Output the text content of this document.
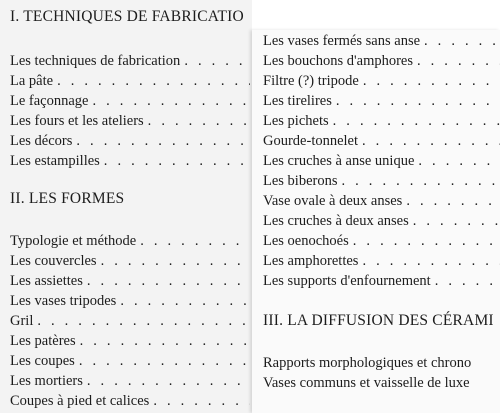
I. TECHNIQUES DE FABRICATIO
Les techniques de fabrication
. . .
La pâte
. . .
Le façonnage
. . .
Les fours et les ateliers
. . .
Les décors
. . .
Les estampilles
. . .
II. LES FORMES
Typologie et méthode
. . .
Les couvercles
. . .
Les assiettes
. . .
Les vases tripodes
. . .
Gril
. . .
Les patères
. . .
Les coupes
. . .
Les mortiers
. . .
Coupes à pied et calices
. . .
Les vases fermés sans anse
. . .
Les bouchons d'amphores
. . .
Filtre (?) tripode
. . .
Les tirelires
. . .
Les pichets
. . .
Gourde-tonnelet
. . .
Les cruches à anse unique
. . .
Les biberons
. . .
Vase ovale à deux anses
. . .
Les cruches à deux anses
. . .
Les oenochoés
. . .
Les amphorettes
. . .
Les supports d'enfournement
. . .
III. LA DIFFUSION DES CÉRAMI
Rapports morphologiques et chrono
Vases communs et vaisselle de luxe
